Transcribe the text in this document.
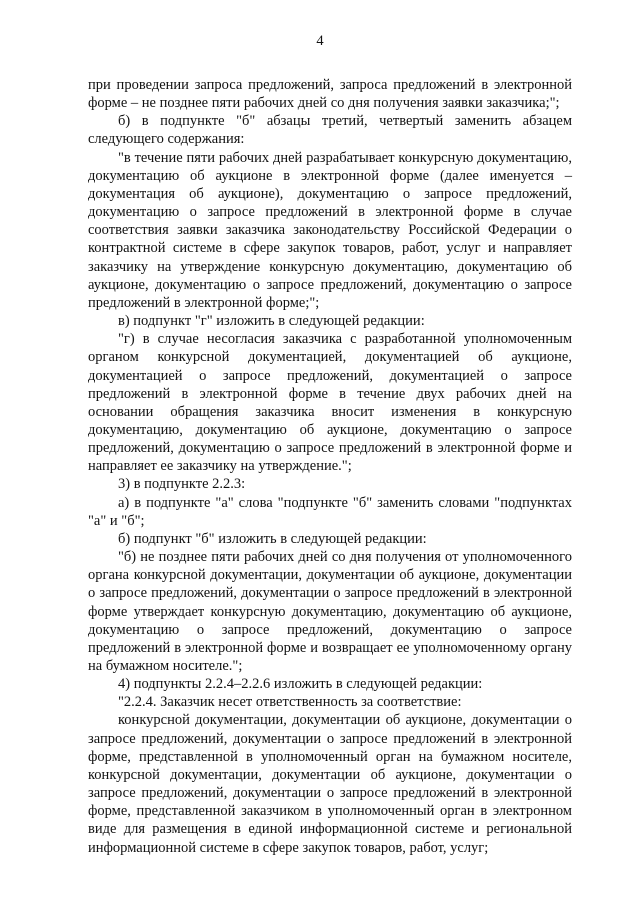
4

при проведении запроса предложений, запроса предложений в электронной форме – не позднее пяти рабочих дней со дня получения заявки заказчика;";

б) в подпункте "б" абзацы третий, четвертый заменить абзацем следующего содержания:

"в течение пяти рабочих дней разрабатывает конкурсную документацию, документацию об аукционе в электронной форме (далее именуется – документация об аукционе), документацию о запросе предложений, документацию о запросе предложений в электронной форме в случае соответствия заявки заказчика законодательству Российской Федерации о контрактной системе в сфере закупок товаров, работ, услуг и направляет заказчику на утверждение конкурсную документацию, документацию об аукционе, документацию о запросе предложений, документацию о запросе предложений в электронной форме;";

в) подпункт "г" изложить в следующей редакции:

"г) в случае несогласия заказчика с разработанной уполномоченным органом конкурсной документацией, документацией об аукционе, документацией о запросе предложений, документацией о запросе предложений в электронной форме в течение двух рабочих дней на основании обращения заказчика вносит изменения в конкурсную документацию, документацию об аукционе, документацию о запросе предложений, документацию о запросе предложений в электронной форме и направляет ее заказчику на утверждение.";

3) в подпункте 2.2.3:

а) в подпункте "а" слова "подпункте "б" заменить словами "подпунктах "а" и "б";

б) подпункт "б" изложить в следующей редакции:

"б) не позднее пяти рабочих дней со дня получения от уполномоченного органа конкурсной документации, документации об аукционе, документации о запросе предложений, документации о запросе предложений в электронной форме утверждает конкурсную документацию, документацию об аукционе, документацию о запросе предложений, документацию о запросе предложений в электронной форме и возвращает ее уполномоченному органу на бумажном носителе.";

4) подпункты 2.2.4–2.2.6 изложить в следующей редакции:

"2.2.4. Заказчик несет ответственность за соответствие:

конкурсной документации, документации об аукционе, документации о запросе предложений, документации о запросе предложений в электронной форме, представленной в уполномоченный орган на бумажном носителе, конкурсной документации, документации об аукционе, документации о запросе предложений, документации о запросе предложений в электронной форме, представленной заказчиком в уполномоченный орган в электронном виде для размещения в единой информационной системе и региональной информационной системе в сфере закупок товаров, работ, услуг;
